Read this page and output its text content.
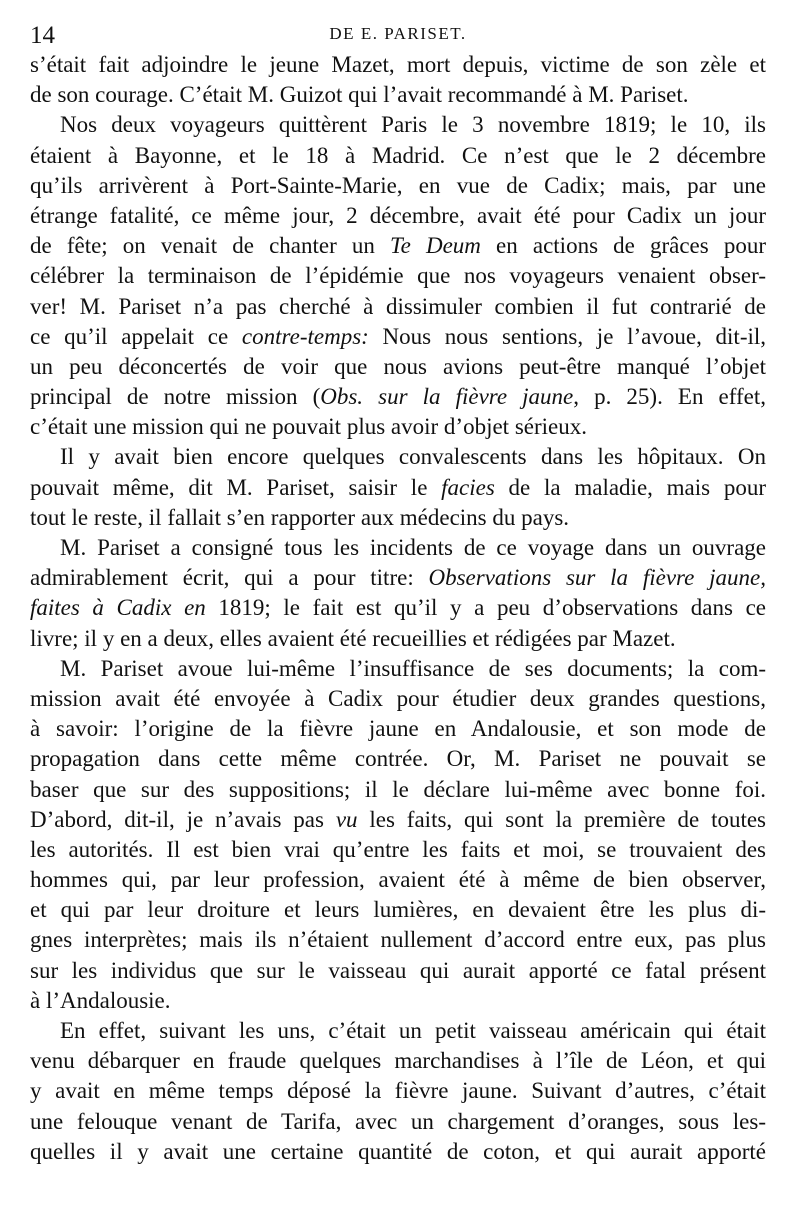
14	DE E. PARISET.
s’était fait adjoindre le jeune Mazet, mort depuis, victime de son zèle et
de son courage. C’était M. Guizot qui l’avait recommandé à M. Pariset.
Nos deux voyageurs quittèrent Paris le 3 novembre 1819; le 10, ils
étaient à Bayonne, et le 18 à Madrid. Ce n’est que le 2 décembre
qu’ils arrivèrent à Port-Sainte-Marie, en vue de Cadix; mais, par une
étrange fatalité, ce même jour, 2 décembre, avait été pour Cadix un jour
de fête; on venait de chanter un Te Deum en actions de grâces pour
célébrer la terminaison de l’épidémie que nos voyageurs venaient obser-
ver! M. Pariset n’a pas cherché à dissimuler combien il fut contrarié de
ce qu’il appelait ce contre-temps: Nous nous sentions, je l’avoue, dit-il,
un peu déconcertés de voir que nous avions peut-être manqué l’objet
principal de notre mission (Obs. sur la fièvre jaune, p. 25). En effet,
c’était une mission qui ne pouvait plus avoir d’objet sérieux.
Il y avait bien encore quelques convalescents dans les hôpitaux. On
pouvait même, dit M. Pariset, saisir le facies de la maladie, mais pour
tout le reste, il fallait s’en rapporter aux médecins du pays.
M. Pariset a consigné tous les incidents de ce voyage dans un ouvrage
admirablement écrit, qui a pour titre: Observations sur la fièvre jaune,
faites à Cadix en 1819; le fait est qu’il y a peu d’observations dans ce
livre; il y en a deux, elles avaient été recueillies et rédigées par Mazet.
M. Pariset avoue lui-même l’insuffisance de ses documents; la com-
mission avait été envoyée à Cadix pour étudier deux grandes questions,
à savoir: l’origine de la fièvre jaune en Andalousie, et son mode de
propagation dans cette même contrée. Or, M. Pariset ne pouvait se
baser que sur des suppositions; il le déclare lui-même avec bonne foi.
D’abord, dit-il, je n’avais pas vu les faits, qui sont la première de toutes
les autorités. Il est bien vrai qu’entre les faits et moi, se trouvaient des
hommes qui, par leur profession, avaient été à même de bien observer,
et qui par leur droiture et leurs lumières, en devaient être les plus di-
gnes interprètes; mais ils n’étaient nullement d’accord entre eux, pas plus
sur les individus que sur le vaisseau qui aurait apporté ce fatal présent
à l’Andalousie.
En effet, suivant les uns, c’était un petit vaisseau américain qui était
venu débarquer en fraude quelques marchandises à l’île de Léon, et qui
y avait en même temps déposé la fièvre jaune. Suivant d’autres, c’était
une felouque venant de Tarifa, avec un chargement d’oranges, sous les-
quelles il y avait une certaine quantité de coton, et qui aurait apporté
